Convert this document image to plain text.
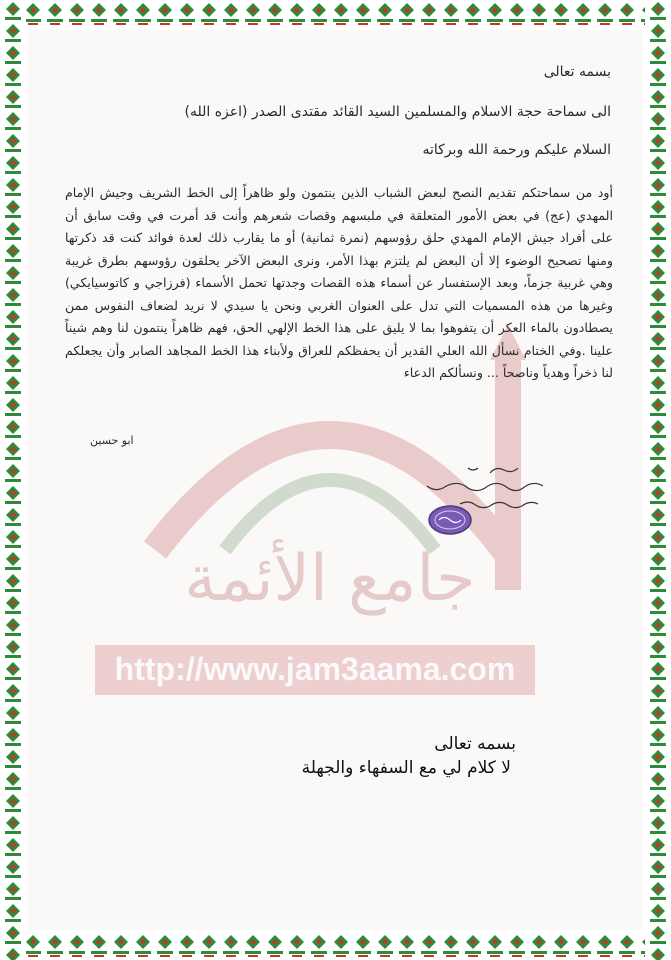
جامع الأئمة
http://www.jam3aama.com
بسمه تعالى
الى سماحة حجة الاسلام والمسلمين السيد القائد مقتدى الصدر (اعزه الله)
السلام عليكم ورحمة الله وبركاته
أود من سماحتكم تقديم النصح لبعض الشباب الذين ينتمون ولو ظاهراً إلى الخط الشريف وجيش الإمام المهدي (عج) في بعض الأمور المتعلقة في ملبسهم وقصات شعرهم وأنت قد أمرت في وقت سابق أن على أفراد جيش الإمام المهدي حلق رؤوسهم (نمرة ثمانية) أو ما يقارب ذلك لعدة فوائد كنت قد ذكرتها ومنها تصحيح الوضوء إلا أن البعض لم يلتزم بهذا الأمر، ونرى البعض الآخر يحلقون رؤوسهم بطرق غريبة وهي غربية جزماً، وبعد الإستفسار عن أسماء هذه القصات وجدتها تحمل الأسماء (فرزاجي و كاتوسيايكي) وغيرها من هذه المسميات التي تدل على العنوان الغربي ونحن يا سيدي لا نريد لضعاف النفوس ممن يصطادون بالماء العكر أن يتفوهوا بما لا يليق على هذا الخط الإلهي الحق، فهم ظاهراً ينتمون لنا وهم شيناً علينا .وفي الختام نسأل الله العلي القدير أن يحفظكم للعراق ولأبناء هذا الخط المجاهد الصابر وأن يجعلكم لنا ذخراً وهدياً وناصحاً ... ونسألكم الدعاء
ابو حسين
بسمه تعالى
لا كلام لي مع السفهاء والجهلة
